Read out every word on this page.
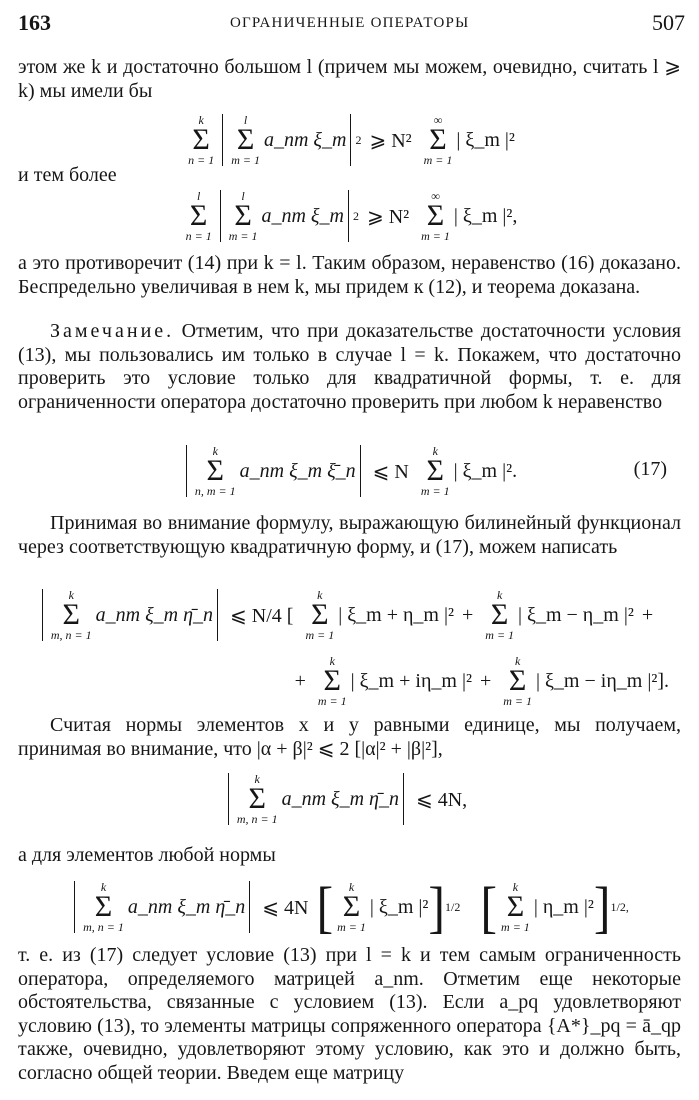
163	ОГРАНИЧЕННЫЕ ОПЕРАТОРЫ	507

этом же k и достаточно большом l (причем мы можем, очевидно, считать l ⩾ k) мы имели бы

k
Σ
n = 1
l
Σ
m = 1
a_nm ξ_m 2 ⩾ N²
∞
Σ
m = 1
| ξ_m |²

и тем более

l
Σ
n = 1
l
Σ
m = 1
a_nm ξ_m 2 ⩾ N²
∞
Σ
m = 1
| ξ_m |²,

а это противоречит (14) при k = l. Таким образом, неравенство (16) доказано. Беспредельно увеличивая в нем k, мы придем к (12), и теорема доказана.

Замечание. Отметим, что при доказательстве достаточности условия (13), мы пользовались им только в случае l = k. Покажем, что достаточно проверить это условие только для квадратичной формы, т. е. для ограниченности оператора достаточно проверить при любом k неравенство

k
Σ
n, m = 1
a_nm ξ_m ξ̄_n ⩽ N
k
Σ
m = 1
| ξ_m |².	(17)

Принимая во внимание формулу, выражающую билинейный функционал через соответствующую квадратичную форму, и (17), можем написать

k
Σ
m, n = 1
a_nm ξ_m η̄_n ⩽ N/4 [
k
Σ
m = 1
| ξ_m + η_m |² +
k
Σ
m = 1
| ξ_m − η_m |² +
+
k
Σ
m = 1
| ξ_m + iη_m |² +
k
Σ
m = 1
| ξ_m − iη_m |² ].

Считая нормы элементов x и y равными единице, мы получаем, принимая во внимание, что |α + β|² ⩽ 2 [|α|² + |β|²],

k
Σ
m, n = 1
a_nm ξ_m η̄_n ⩽ 4N,

а для элементов любой нормы

k
Σ
m, n = 1
a_nm ξ_m η̄_n ⩽ 4N [ k
Σ
m = 1
| ξ_m |² ] 1/2 [ k
Σ
m = 1
| η_m |² ] 1/2,

т. е. из (17) следует условие (13) при l = k и тем самым ограниченность оператора, определяемого матрицей a_nm. Отметим еще некоторые обстоятельства, связанные с условием (13). Если a_pq удовлетворяют условию (13), то элементы матрицы сопряженного оператора {A*}_pq = ā_qp также, очевидно, удовлетворяют этому условию, как это и должно быть, согласно общей теории. Введем еще матрицу
